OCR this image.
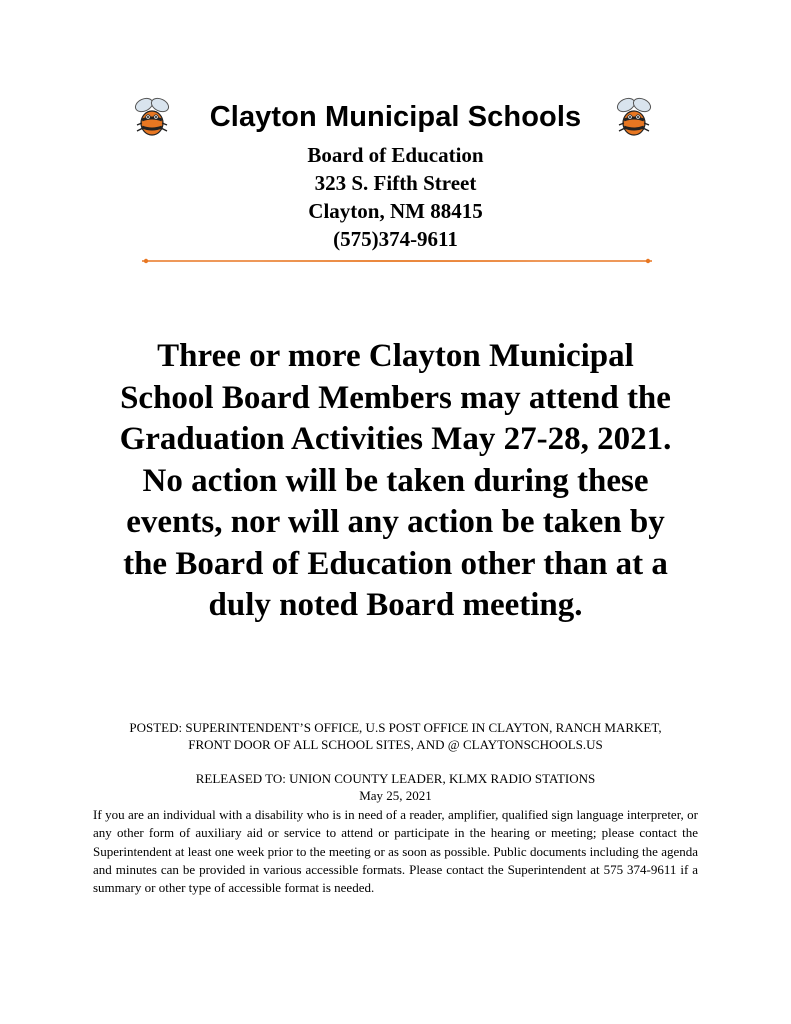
Clayton Municipal Schools
Board of Education
323 S. Fifth Street
Clayton, NM 88415
(575)374-9611
Three or more Clayton Municipal
School Board Members may attend the
Graduation Activities May 27-28, 2021.
No action will be taken during these
events, nor will any action be taken by
the Board of Education other than at a
duly noted Board meeting.
POSTED: SUPERINTENDENT’S OFFICE, U.S POST OFFICE IN CLAYTON, RANCH MARKET,
FRONT DOOR OF ALL SCHOOL SITES, AND @ CLAYTONSCHOOLS.US
RELEASED TO: UNION COUNTY LEADER, KLMX RADIO STATIONS
May 25, 2021
If you are an individual with a disability who is in need of a reader, amplifier, qualified sign language interpreter, or any other form of auxiliary aid or service to attend or participate in the hearing or meeting; please contact the Superintendent at least one week prior to the meeting or as soon as possible. Public documents including the agenda and minutes can be provided in various accessible formats. Please contact the Superintendent at 575 374-9611 if a summary or other type of accessible format is needed.
